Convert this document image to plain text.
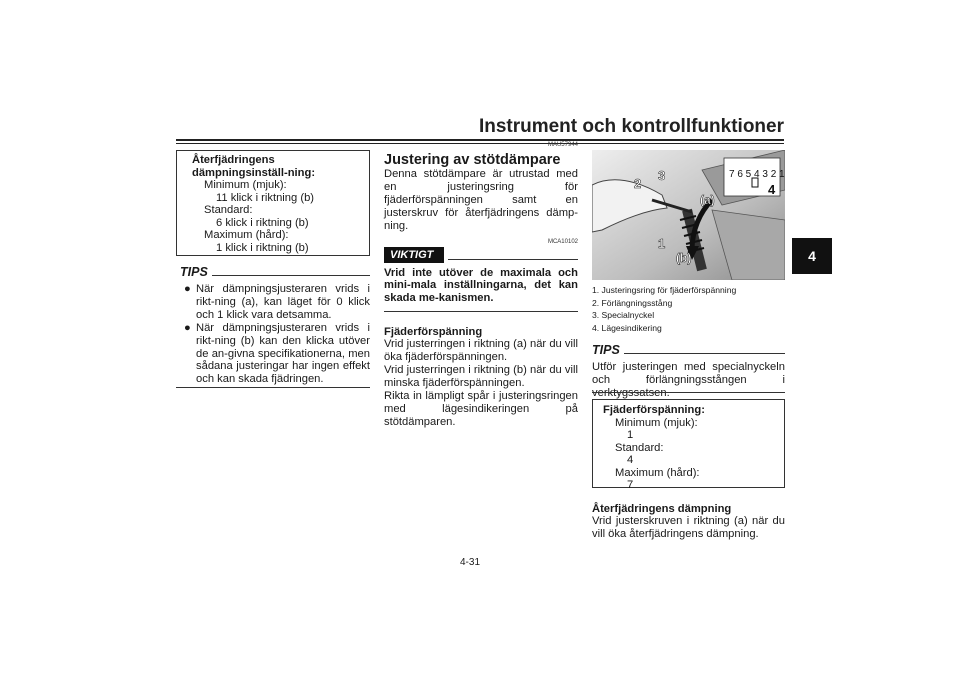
Instrument och kontrollfunktioner
4
Återfjädringens dämpningsinställ-ning:
Minimum (mjuk):
11 klick i riktning (b)
Standard:
6 klick i riktning (b)
Maximum (hård):
1 klick i riktning (b)
TIPS
● När dämpningsjusteraren vrids i rikt-ning (a), kan läget för 0 klick och 1 klick vara detsamma.
● När dämpningsjusteraren vrids i rikt-ning (b) kan den klicka utöver de an-givna specifikationerna, men sådana justeringar har ingen effekt och kan skada fjädringen.
MAU57944
Justering av stötdämpare
Denna stötdämpare är utrustad med en justeringsring för fjäderförspänningen samt en justerskruv för återfjädringens dämp-ning.
MCA10102
VIKTIGT
Vrid inte utöver de maximala och mini-mala inställningarna, det kan skada me-kanismen.
Fjäderförspänning
Vrid justerringen i riktning (a) när du vill öka fjäderförspänningen.
Vrid justerringen i riktning (b) när du vill minska fjäderförspänningen.
Rikta in lämpligt spår i justeringsringen med lägesindikeringen på stötdämparen.
7 6 5 4 3 2 1
1
2
3
4
(a)
(b)
1. Justeringsring för fjäderförspänning
2. Förlängningsstång
3. Specialnyckel
4. Lägesindikering
TIPS
Utför justeringen med specialnyckeln och förlängningsstången i
Fjäderförspänning:
Minimum (mjuk):
1
Standard:
4
Maximum (hård):
7
Återfjädringens dämpning
Vrid justerskruven i riktning (a) när du vill öka återfjädringens dämpning.
4-31
